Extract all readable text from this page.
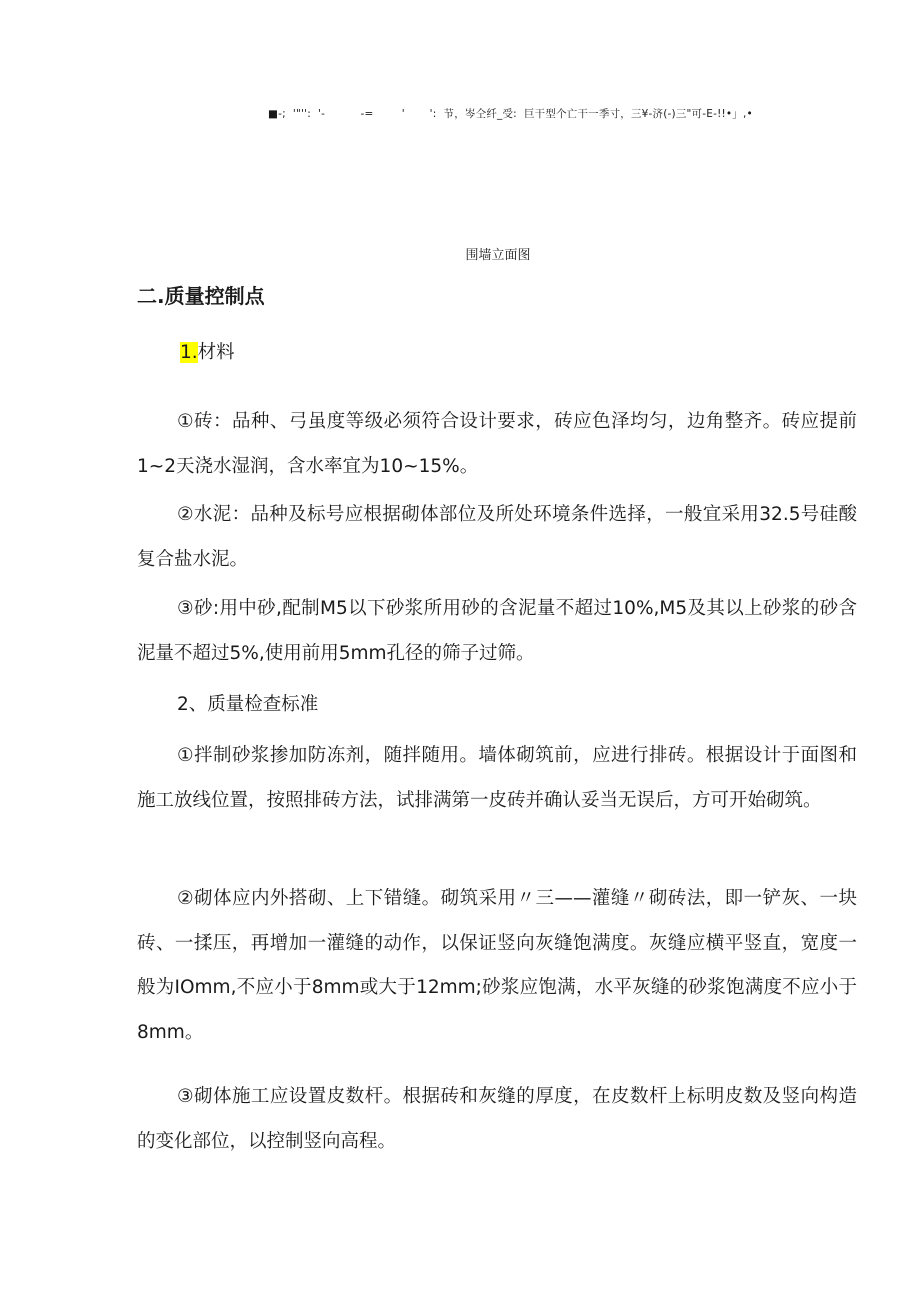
■-;  '"'':  '-          -=        '       ':  节，岑仝纤_受:  巨干型个亡干一季寸，三¥-济(-)三"可-E-!!•」,•
围墙立面图
二.质量控制点
1.材料

①砖：品种、弓虽度等级必须符合设计要求，砖应色泽均匀，边角整齐。砖应提前1~2天浇水湿润，含水率宜为10~15%。

②水泥：品种及标号应根据砌体部位及所处环境条件选择，一般宜采用32.5号硅酸复合盐水泥。

③砂:用中砂,配制M5以下砂浆所用砂的含泥量不超过10%,M5及其以上砂浆的砂含泥量不超过5%,使用前用5mm孔径的筛子过筛。

2、质量检查标准

①拌制砂浆掺加防冻剂，随拌随用。墙体砌筑前，应进行排砖。根据设计于面图和施工放线位置，按照排砖方法，试排满第一皮砖并确认妥当无误后，方可开始砌筑。

②砌体应内外搭砌、上下错缝。砌筑采用〃三——灌缝〃砌砖法，即一铲灰、一块砖、一揉压，再增加一灌缝的动作，以保证竖向灰缝饱满度。灰缝应横平竖直，宽度一般为IOmm,不应小于8mm或大于12mm;砂浆应饱满，水平灰缝的砂浆饱满度不应小于8mm。

③砌体施工应设置皮数杆。根据砖和灰缝的厚度，在皮数杆上标明皮数及竖向构造的变化部位，以控制竖向高程。
